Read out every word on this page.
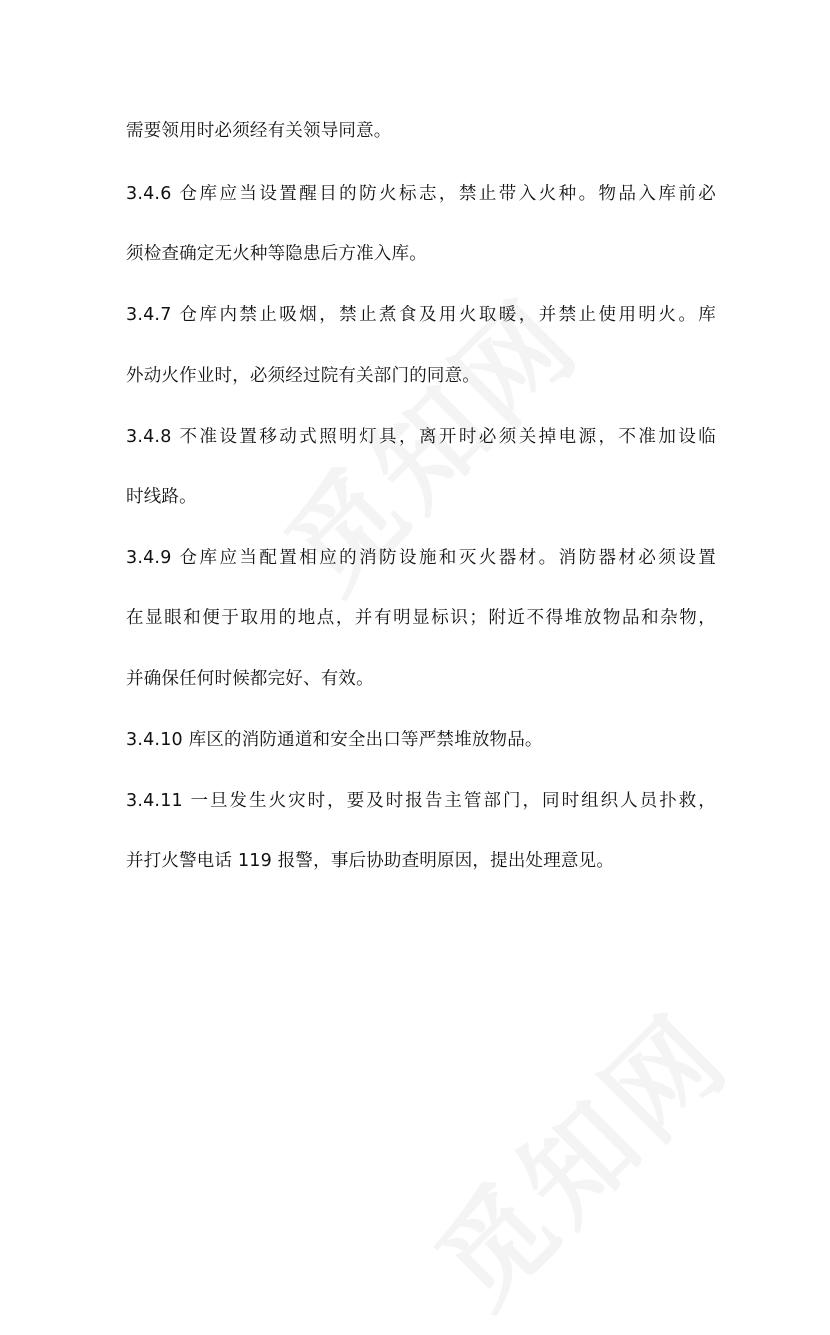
需要领用时必须经有关领导同意。
3.4.6 仓库应当设置醒目的防火标志，禁止带入火种。物品入库前必
须检查确定无火种等隐患后方准入库。
3.4.7 仓库内禁止吸烟，禁止煮食及用火取暖，并禁止使用明火。库
外动火作业时，必须经过院有关部门的同意。
3.4.8 不准设置移动式照明灯具，离开时必须关掉电源，不准加设临
时线路。
3.4.9 仓库应当配置相应的消防设施和灭火器材。消防器材必须设置
在显眼和便于取用的地点，并有明显标识；附近不得堆放物品和杂物，
并确保任何时候都完好、有效。
3.4.10 库区的消防通道和安全出口等严禁堆放物品。
3.4.11 一旦发生火灾时，要及时报告主管部门，同时组织人员扑救，
并打火警电话 119 报警，事后协助查明原因，提出处理意见。
